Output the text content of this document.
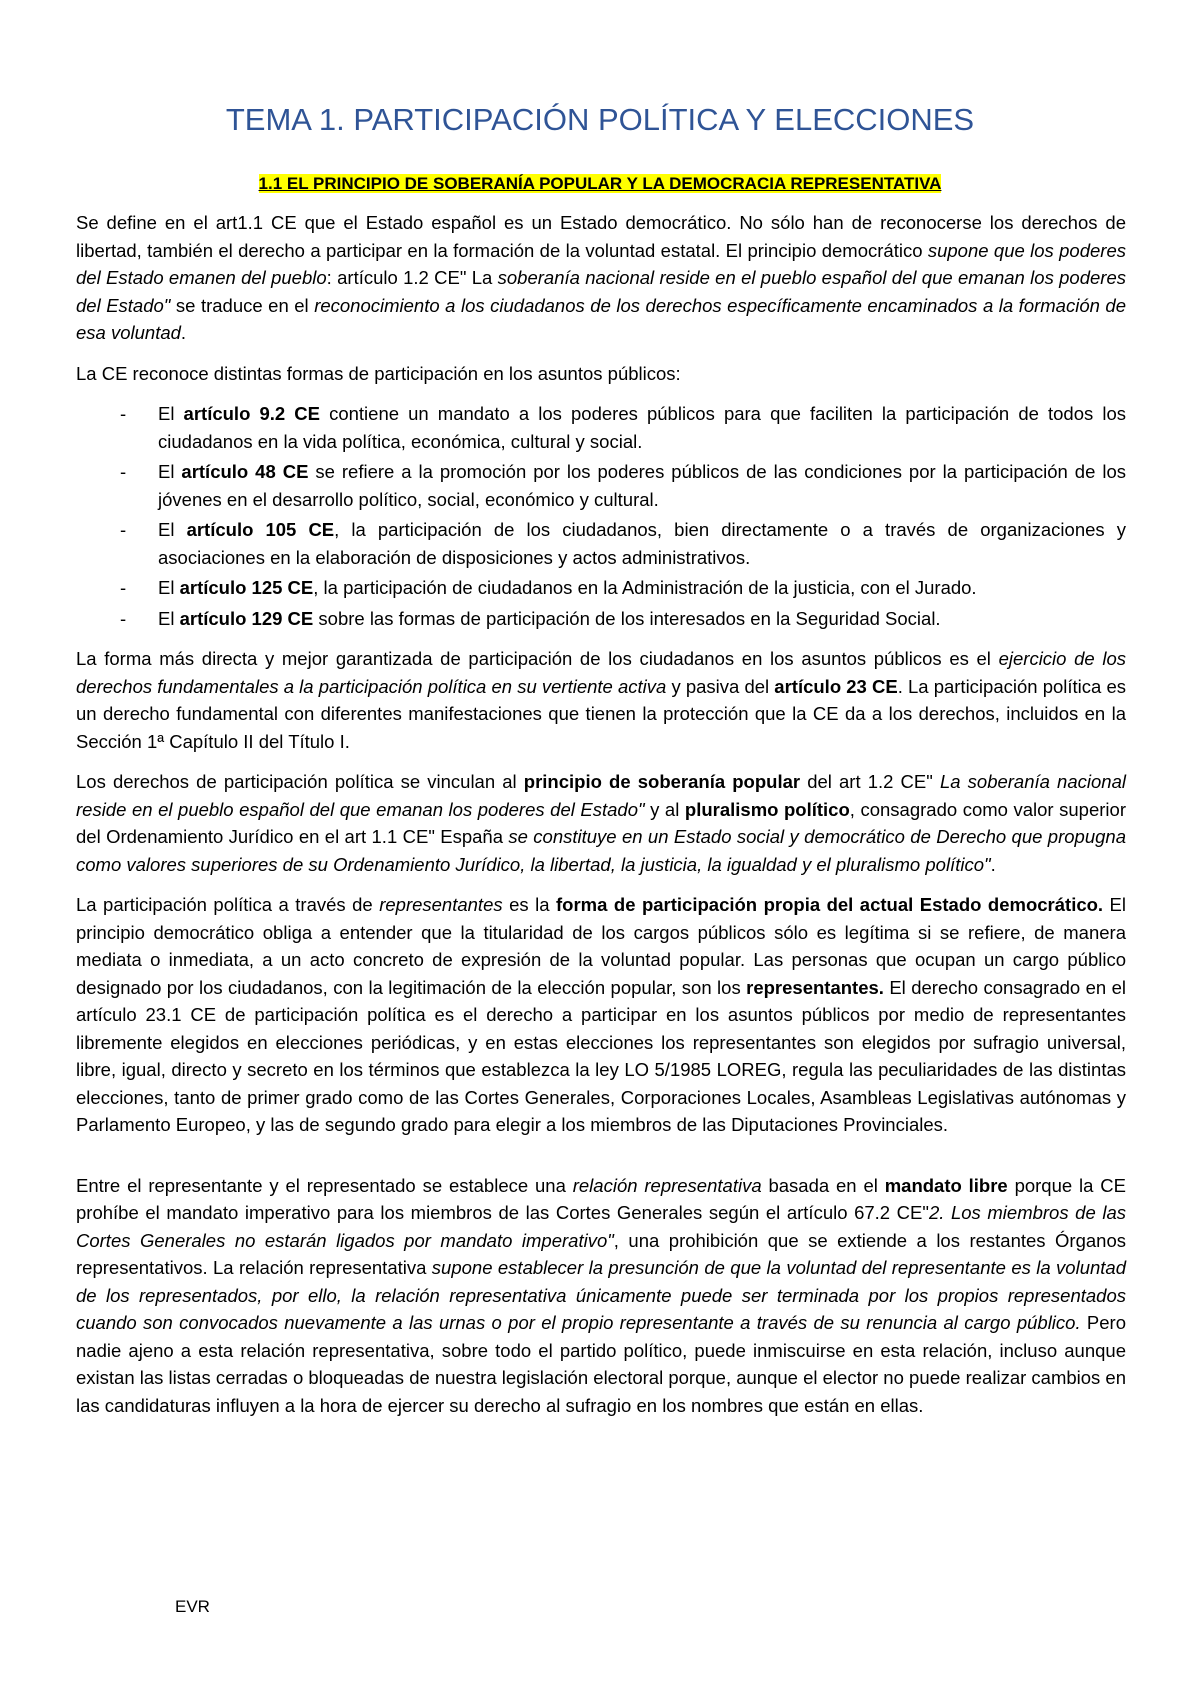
TEMA 1. PARTICIPACIÓN POLÍTICA Y ELECCIONES
1.1 EL PRINCIPIO DE SOBERANÍA POPULAR Y LA DEMOCRACIA REPRESENTATIVA

Se define en el art1.1 CE que el Estado español es un Estado democrático. No sólo han de reconocerse los derechos de libertad, también el derecho a participar en la formación de la voluntad estatal. El principio democrático supone que los poderes del Estado emanen del pueblo: artículo 1.2 CE" La soberanía nacional reside en el pueblo español del que emanan los poderes del Estado" se traduce en el reconocimiento a los ciudadanos de los derechos específicamente encaminados a la formación de esa voluntad.

La CE reconoce distintas formas de participación en los asuntos públicos:

- El artículo 9.2 CE contiene un mandato a los poderes públicos para que faciliten la participación de todos los ciudadanos en la vida política, económica, cultural y social.
- El artículo 48 CE se refiere a la promoción por los poderes públicos de las condiciones por la participación de los jóvenes en el desarrollo político, social, económico y cultural.
- El artículo 105 CE, la participación de los ciudadanos, bien directamente o a través de organizaciones y asociaciones en la elaboración de disposiciones y actos administrativos.
- El artículo 125 CE, la participación de ciudadanos en la Administración de la justicia, con el Jurado.
- El artículo 129 CE sobre las formas de participación de los interesados en la Seguridad Social.

La forma más directa y mejor garantizada de participación de los ciudadanos en los asuntos públicos es el ejercicio de los derechos fundamentales a la participación política en su vertiente activa y pasiva del artículo 23 CE. La participación política es un derecho fundamental con diferentes manifestaciones que tienen la protección que la CE da a los derechos, incluidos en la Sección 1ª Capítulo II del Título I.

Los derechos de participación política se vinculan al principio de soberanía popular del art 1.2 CE" La soberanía nacional reside en el pueblo español del que emanan los poderes del Estado" y al pluralismo político, consagrado como valor superior del Ordenamiento Jurídico en el art 1.1 CE" España se constituye en un Estado social y democrático de Derecho que propugna como valores superiores de su Ordenamiento Jurídico, la libertad, la justicia, la igualdad y el pluralismo político".

La participación política a través de representantes es la forma de participación propia del actual Estado democrático. El principio democrático obliga a entender que la titularidad de los cargos públicos sólo es legítima si se refiere, de manera mediata o inmediata, a un acto concreto de expresión de la voluntad popular. Las personas que ocupan un cargo público designado por los ciudadanos, con la legitimación de la elección popular, son los representantes. El derecho consagrado en el artículo 23.1 CE de participación política es el derecho a participar en los asuntos públicos por medio de representantes libremente elegidos en elecciones periódicas, y en estas elecciones los representantes son elegidos por sufragio universal, libre, igual, directo y secreto en los términos que establezca la ley LO 5/1985 LOREG, regula las peculiaridades de las distintas elecciones, tanto de primer grado como de las Cortes Generales, Corporaciones Locales, Asambleas Legislativas autónomas y Parlamento Europeo, y las de segundo grado para elegir a los miembros de las Diputaciones Provinciales.

Entre el representante y el representado se establece una relación representativa basada en el mandato libre porque la CE prohíbe el mandato imperativo para los miembros de las Cortes Generales según el artículo 67.2 CE"2. Los miembros de las Cortes Generales no estarán ligados por mandato imperativo", una prohibición que se extiende a los restantes Órganos representativos. La relación representativa supone establecer la presunción de que la voluntad del representante es la voluntad de los representados, por ello, la relación representativa únicamente puede ser terminada por los propios representados cuando son convocados nuevamente a las urnas o por el propio representante a través de su renuncia al cargo público. Pero nadie ajeno a esta relación representativa, sobre todo el partido político, puede inmiscuirse en esta relación, incluso aunque existan las listas cerradas o bloqueadas de nuestra legislación electoral porque, aunque el elector no puede realizar cambios en las candidaturas influyen a la hora de ejercer su derecho al sufragio en los nombres que están en ellas.

EVR
